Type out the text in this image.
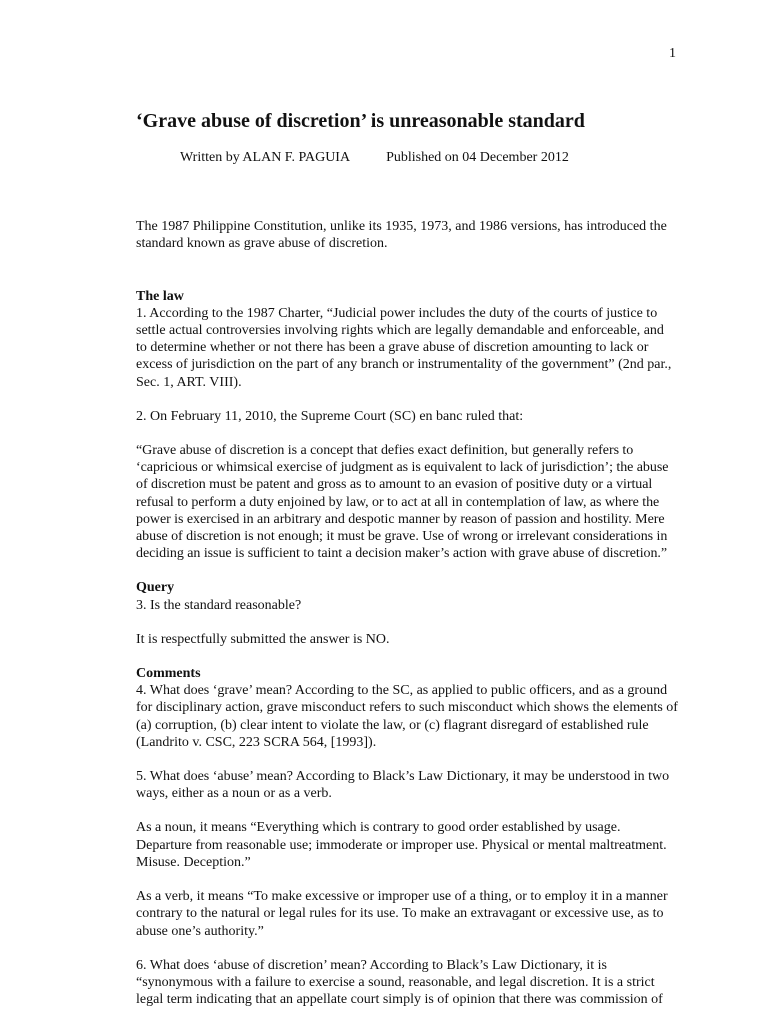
1
‘Grave abuse of discretion’ is unreasonable standard
Written by ALAN F. PAGUIA	Published on 04 December 2012

The 1987 Philippine Constitution, unlike its 1935, 1973, and 1986 versions, has introduced the standard known as grave abuse of discretion.

The law

1. According to the 1987 Charter, “Judicial power includes the duty of the courts of justice to settle actual controversies involving rights which are legally demandable and enforceable, and to determine whether or not there has been a grave abuse of discretion amounting to lack or excess of jurisdiction on the part of any branch or instrumentality of the government” (2nd par., Sec. 1, ART. VIII).

2. On February 11, 2010, the Supreme Court (SC) en banc ruled that:

“Grave abuse of discretion is a concept that defies exact definition, but generally refers to ‘capricious or whimsical exercise of judgment as is equivalent to lack of jurisdiction’; the abuse of discretion must be patent and gross as to amount to an evasion of positive duty or a virtual refusal to perform a duty enjoined by law, or to act at all in contemplation of law, as where the power is exercised in an arbitrary and despotic manner by reason of passion and hostility. Mere abuse of discretion is not enough; it must be grave. Use of wrong or irrelevant considerations in deciding an issue is sufficient to taint a decision maker’s action with grave abuse of discretion.”

Query

3. Is the standard reasonable?

It is respectfully submitted the answer is NO.

Comments

4. What does ‘grave’ mean? According to the SC, as applied to public officers, and as a ground for disciplinary action, grave misconduct refers to such misconduct which shows the elements of (a) corruption, (b) clear intent to violate the law, or (c) flagrant disregard of established rule (Landrito v. CSC, 223 SCRA 564, [1993]).

5. What does ‘abuse’ mean? According to Black’s Law Dictionary, it may be understood in two ways, either as a noun or as a verb.

As a noun, it means “Everything which is contrary to good order established by usage. Departure from reasonable use; immoderate or improper use. Physical or mental maltreatment. Misuse. Deception.”

As a verb, it means “To make excessive or improper use of a thing, or to employ it in a manner contrary to the natural or legal rules for its use. To make an extravagant or excessive use, as to abuse one’s authority.”

6. What does ‘abuse of discretion’ mean? According to Black’s Law Dictionary, it is “synonymous with a failure to exercise a sound, reasonable, and legal discretion. It is a strict legal term indicating that an appellate court simply is of opinion that there was commission of
